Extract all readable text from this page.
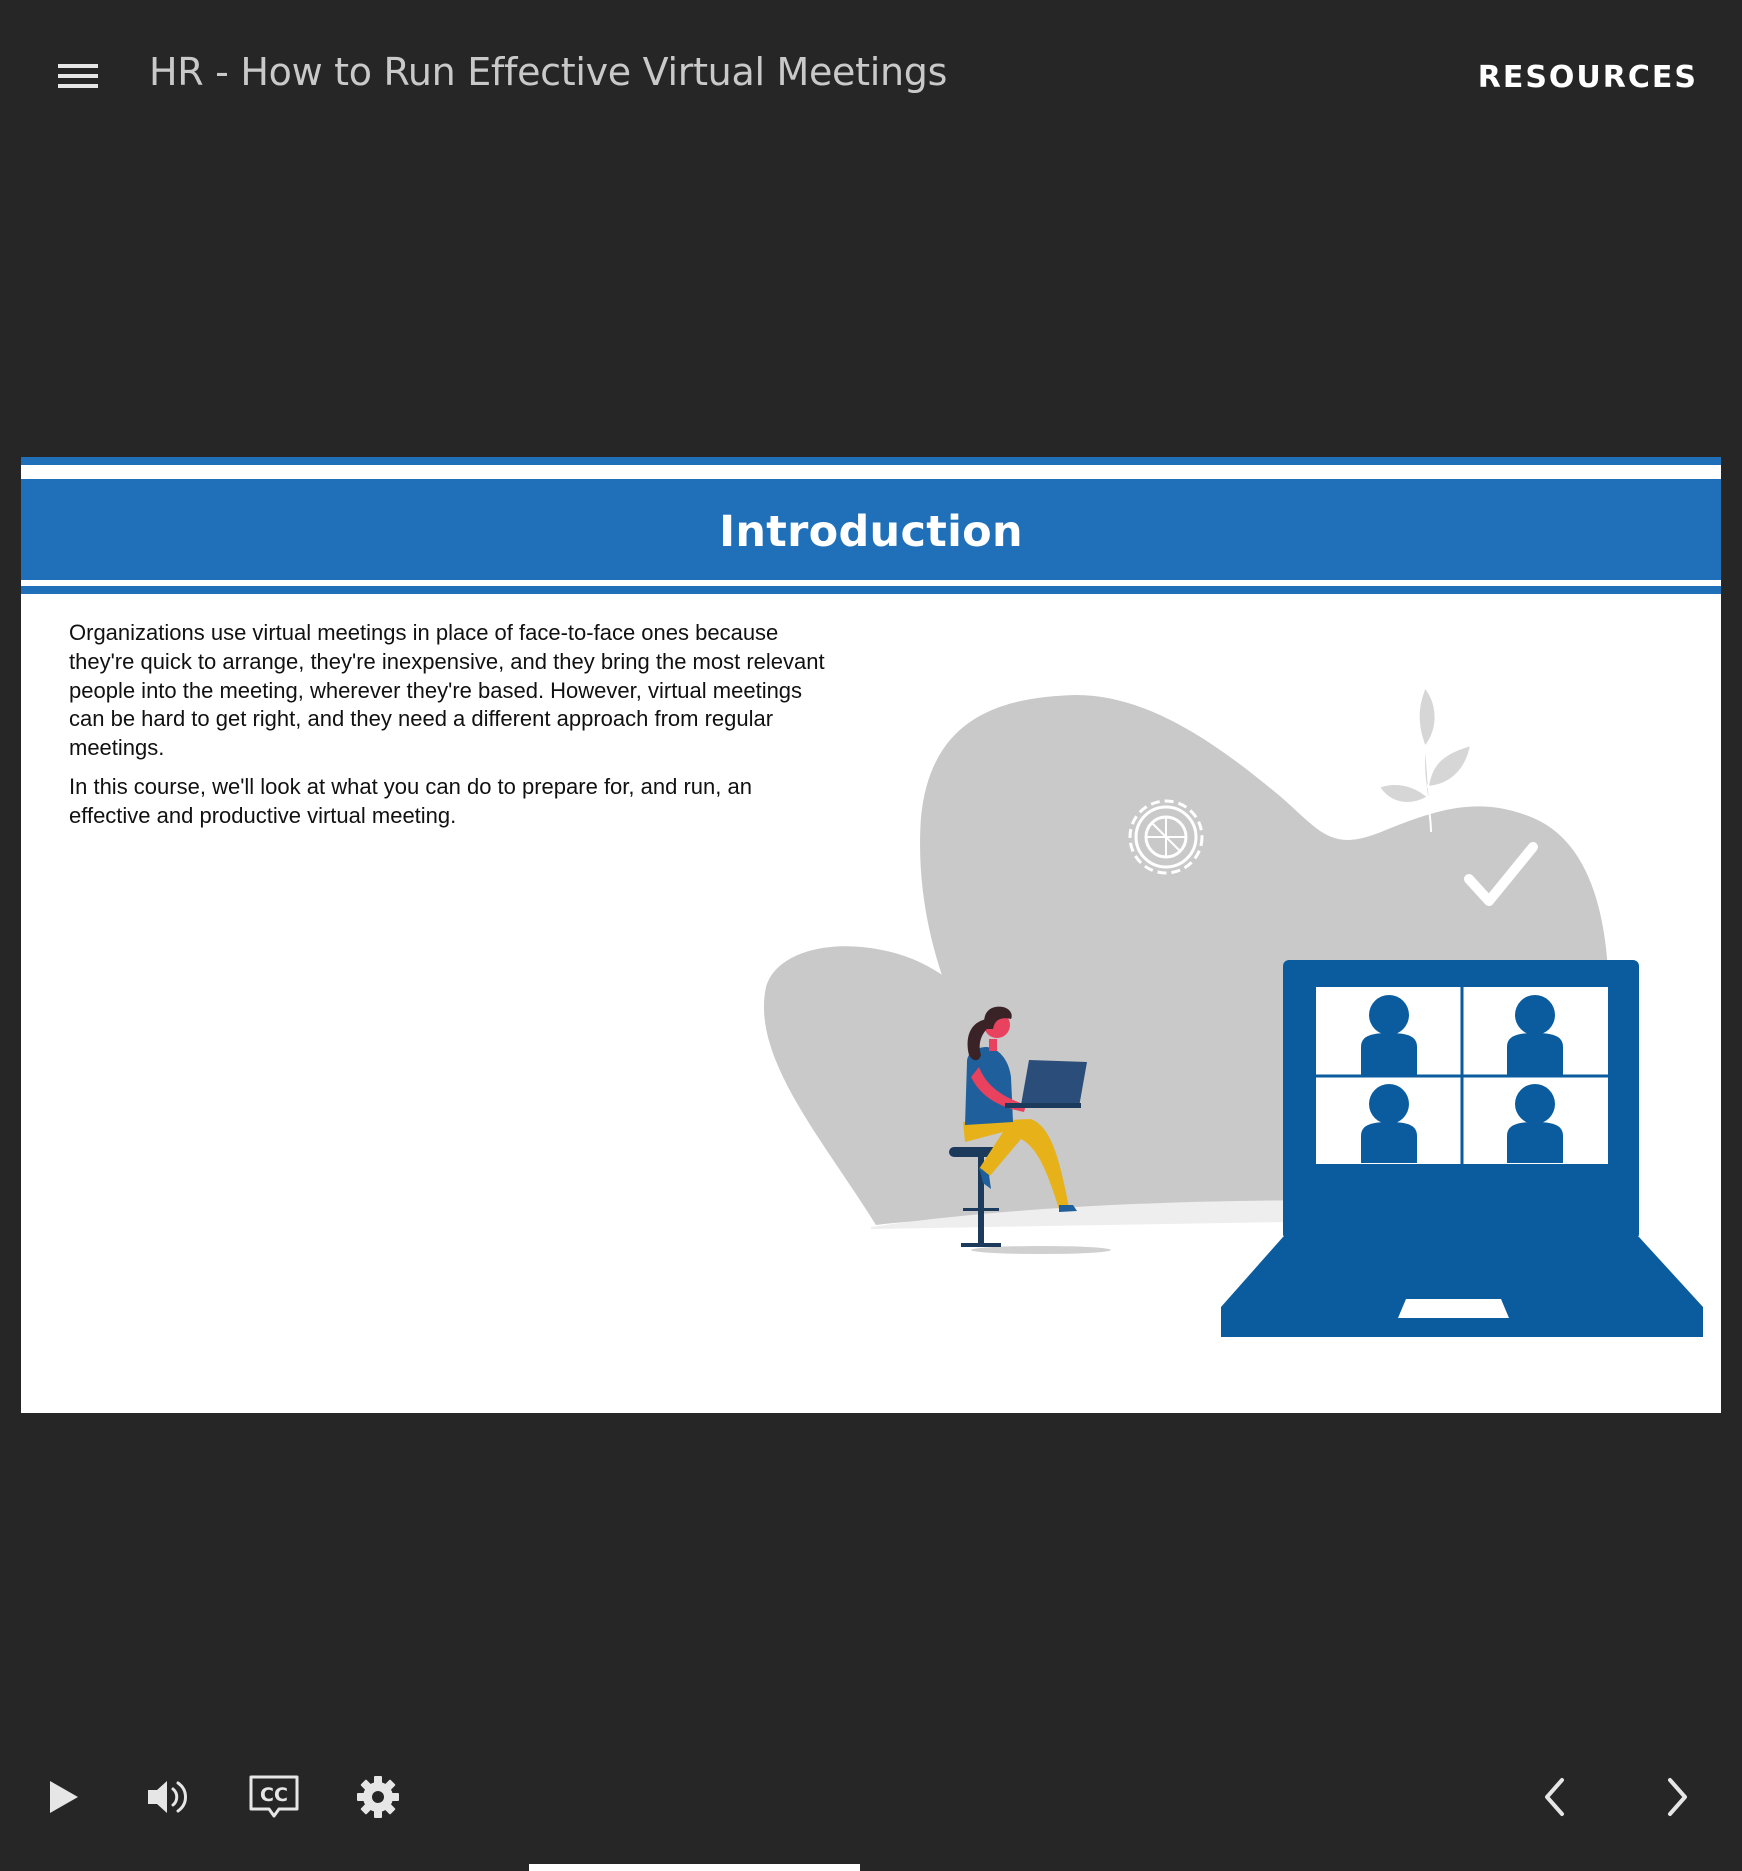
HR - How to Run Effective Virtual Meetings	RESOURCES
Introduction

Organizations use virtual meetings in place of face-to-face ones because they're quick to arrange, they're inexpensive, and they bring the most relevant people into the meeting, wherever they're based. However, virtual meetings can be hard to get right, and they need a different approach from regular meetings.

In this course, we'll look at what you can do to prepare for, and run, an effective and productive virtual meeting.

CC
